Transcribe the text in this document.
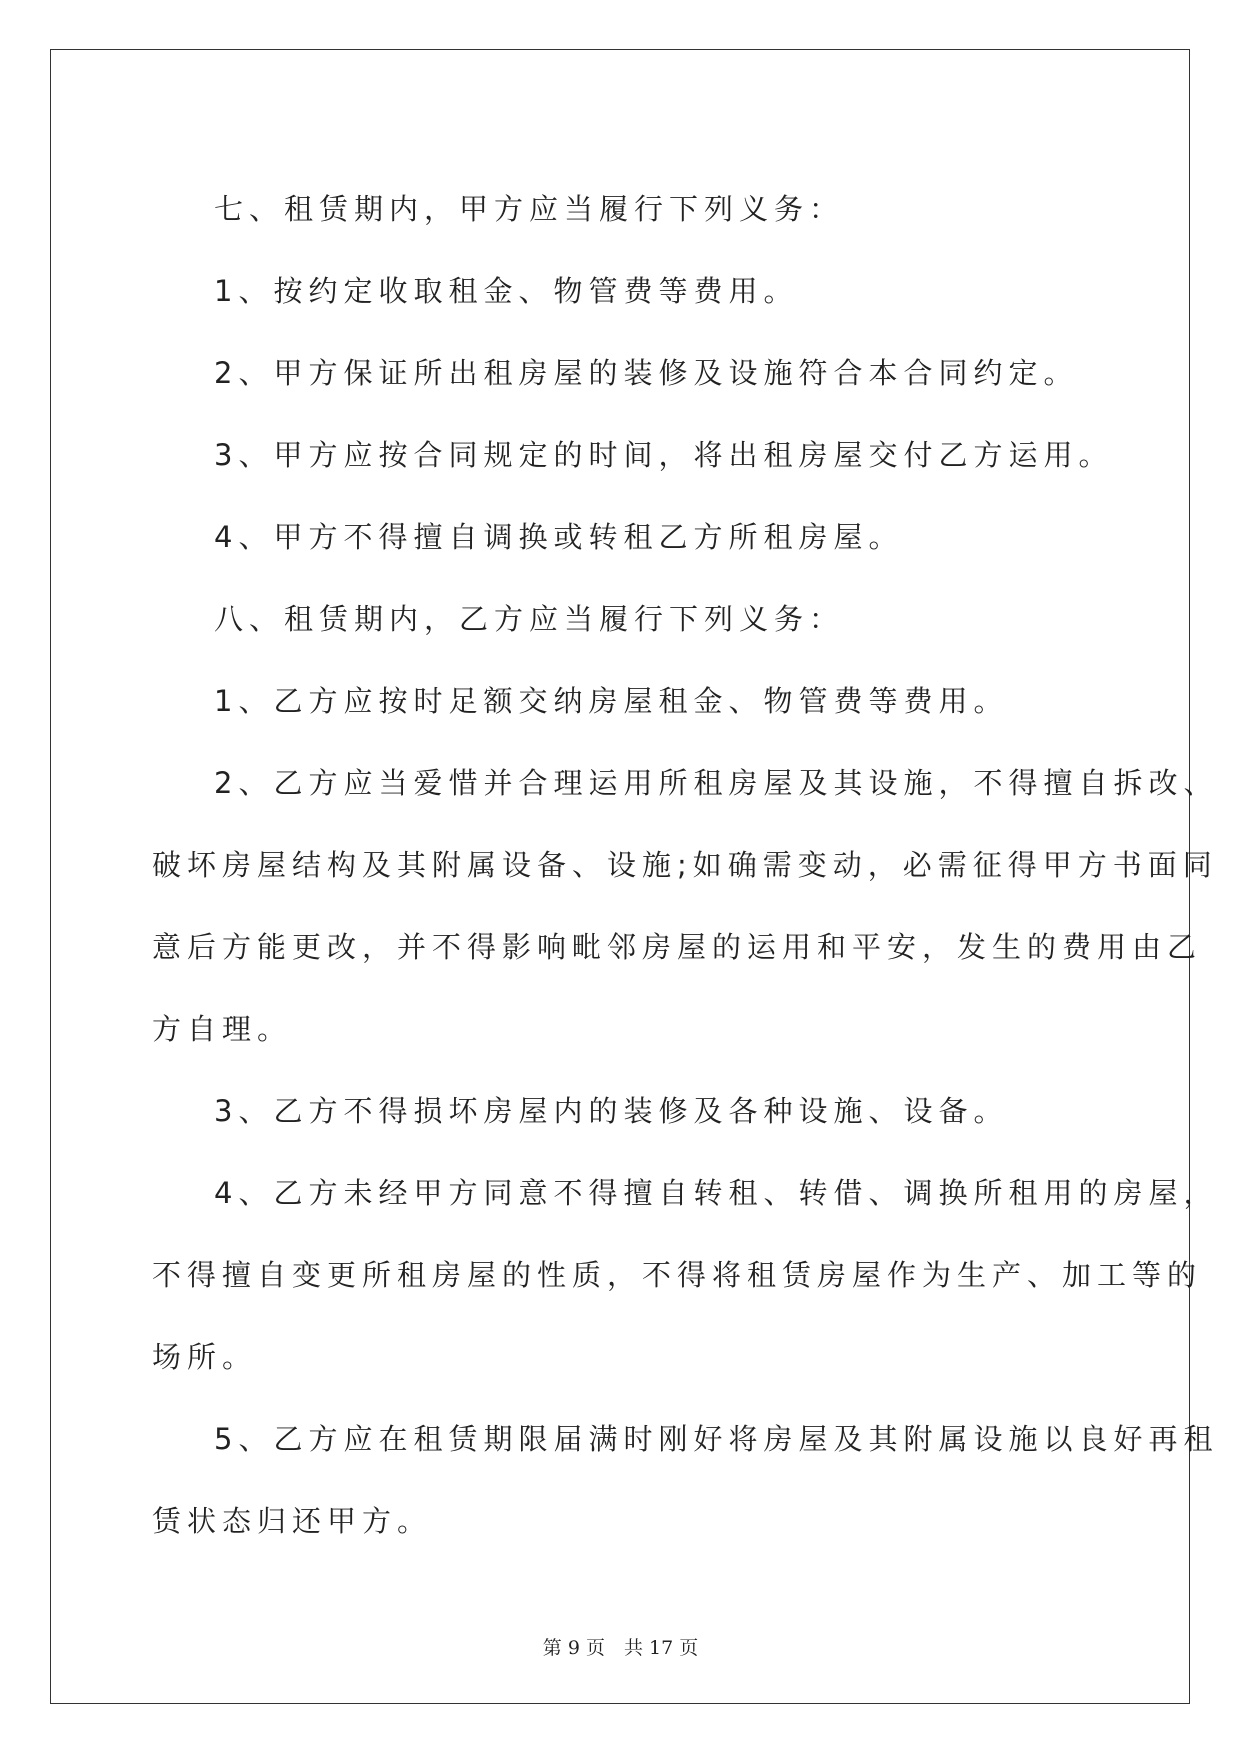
七、租赁期内，甲方应当履行下列义务：

1、按约定收取租金、物管费等费用。

2、甲方保证所出租房屋的装修及设施符合本合同约定。

3、甲方应按合同规定的时间，将出租房屋交付乙方运用。

4、甲方不得擅自调换或转租乙方所租房屋。

八、租赁期内，乙方应当履行下列义务：

1、乙方应按时足额交纳房屋租金、物管费等费用。

2、乙方应当爱惜并合理运用所租房屋及其设施，不得擅自拆改、

破坏房屋结构及其附属设备、设施;如确需变动，必需征得甲方书面同

意后方能更改，并不得影响毗邻房屋的运用和平安，发生的费用由乙

方自理。

3、乙方不得损坏房屋内的装修及各种设施、设备。

4、乙方未经甲方同意不得擅自转租、转借、调换所租用的房屋，

不得擅自变更所租房屋的性质，不得将租赁房屋作为生产、加工等的

场所。

5、乙方应在租赁期限届满时刚好将房屋及其附属设施以良好再租

赁状态归还甲方。

第 9 页　共 17 页
